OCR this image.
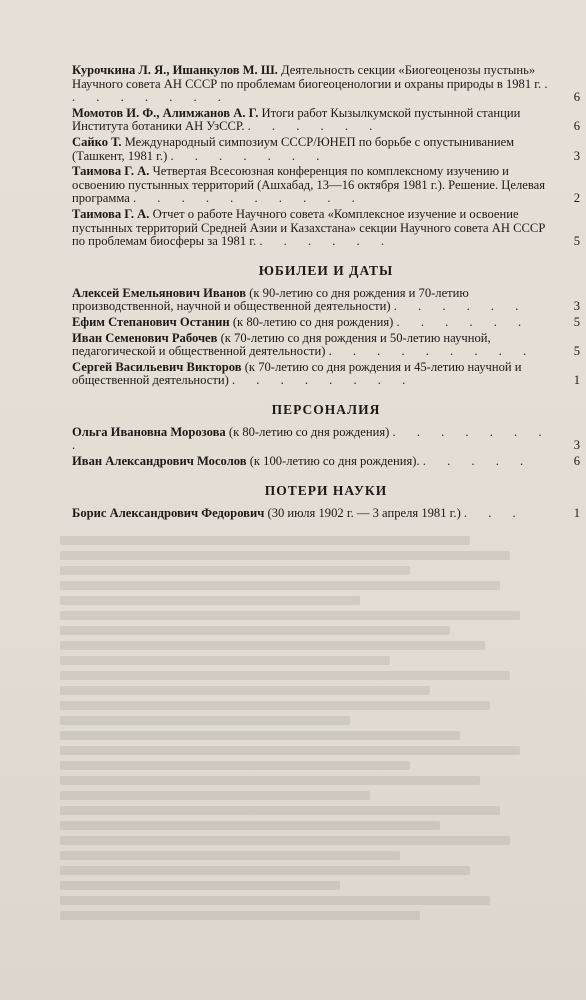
Курочкина Л. Я., Ишанкулов М. Ш. Деятельность секции «Биогеоценозы пустынь» Научного совета АН СССР по проблемам биогеоценологии и охраны природы в 1981 г. . . . . . . . .	6
Момотов И. Ф., Алимжанов А. Г. Итоги работ Кызылкумской пустынной станции Института ботаники АН УзССР. . . . . . .	6
Сайко Т. Международный симпозиум СССР/ЮНЕП по борьбе с опустыниванием (Ташкент, 1981 г.) . . . . . . .	3
Таимова Г. А. Четвертая Всесоюзная конференция по комплексному изучению и освоению пустынных территорий (Ашхабад, 13—16 октября 1981 г.). Решение. Целевая программа . . . . . . . . . .	2
Таимова Г. А. Отчет о работе Научного совета «Комплексное изучение и освоение пустынных территорий Средней Азии и Казахстана» секции Научного совета АН СССР по проблемам биосферы за 1981 г. . . . . . .	5
ЮБИЛЕИ И ДАТЫ
Алексей Емельянович Иванов (к 90-летию со дня рождения и 70-летию производственной, научной и общественной деятельности) . . . . . .	3
Ефим Степанович Останин (к 80-летию со дня рождения) . . . . . .	5
Иван Семенович Рабочев (к 70-летию со дня рождения и 50-летию научной, педагогической и общественной деятельности) . . . . . . . . .	5
Сергей Васильевич Викторов (к 70-летию со дня рождения и 45-летию научной и общественной деятельности) . . . . . . . .	1
ПЕРСОНАЛИЯ
Ольга Ивановна Морозова (к 80-летию со дня рождения) . . . . . . . .	3
Иван Александрович Мосолов (к 100-летию со дня рождения). . . . . .	6
ПОТЕРИ НАУКИ
Борис Александрович Федорович (30 июля 1902 г. — 3 апреля 1981 г.) . . .	1
